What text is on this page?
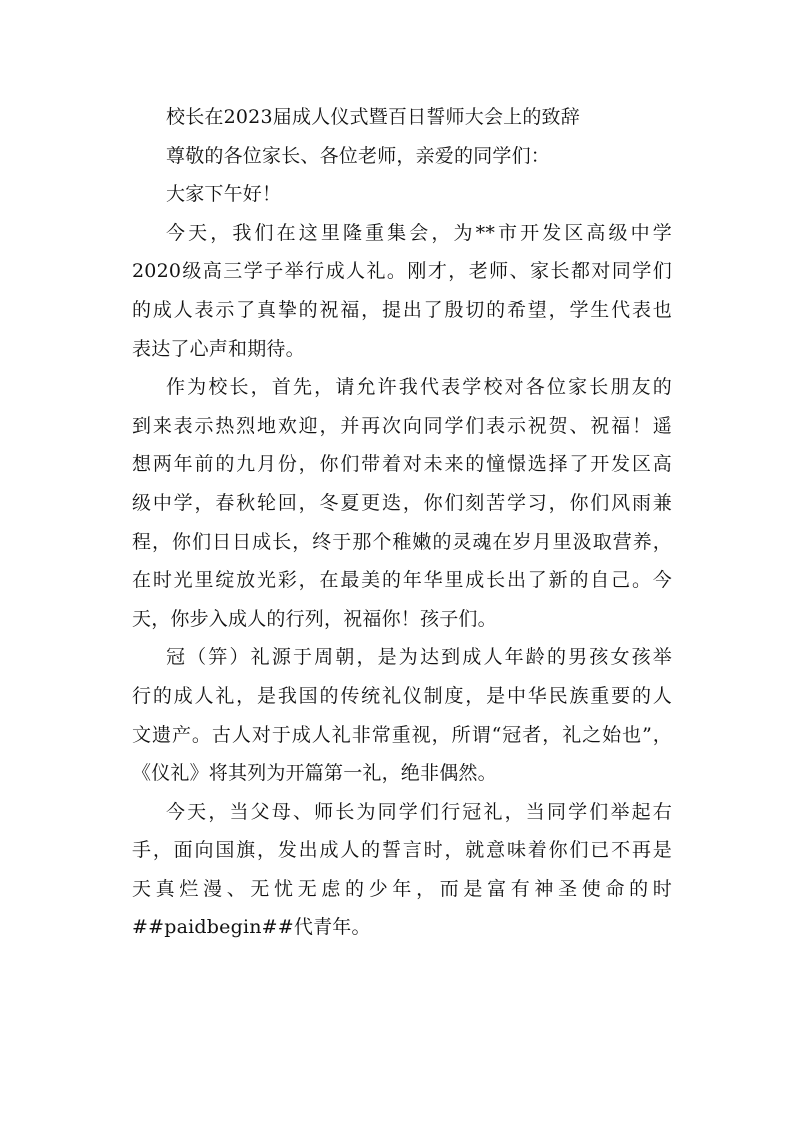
校长在2023届成人仪式暨百日誓师大会上的致辞
尊敬的各位家长、各位老师，亲爱的同学们：
大家下午好！
今天，我们在这里隆重集会，为**市开发区高级中学
2020级高三学子举行成人礼。刚才，老师、家长都对同学们
的成人表示了真挚的祝福，提出了殷切的希望，学生代表也
表达了心声和期待。
作为校长，首先，请允许我代表学校对各位家长朋友的
到来表示热烈地欢迎，并再次向同学们表示祝贺、祝福！遥
想两年前的九月份，你们带着对未来的憧憬选择了开发区高
级中学，春秋轮回，冬夏更迭，你们刻苦学习，你们风雨兼
程，你们日日成长，终于那个稚嫩的灵魂在岁月里汲取营养，
在时光里绽放光彩，在最美的年华里成长出了新的自己。今
天，你步入成人的行列，祝福你！孩子们。
冠（笄）礼源于周朝，是为达到成人年龄的男孩女孩举
行的成人礼，是我国的传统礼仪制度，是中华民族重要的人
文遗产。古人对于成人礼非常重视，所谓“冠者，礼之始也”，
《仪礼》将其列为开篇第一礼，绝非偶然。
今天，当父母、师长为同学们行冠礼，当同学们举起右
手，面向国旗，发出成人的誓言时，就意味着你们已不再是
天真烂漫、无忧无虑的少年，而是富有神圣使命的时
##paidbegin##代青年。
